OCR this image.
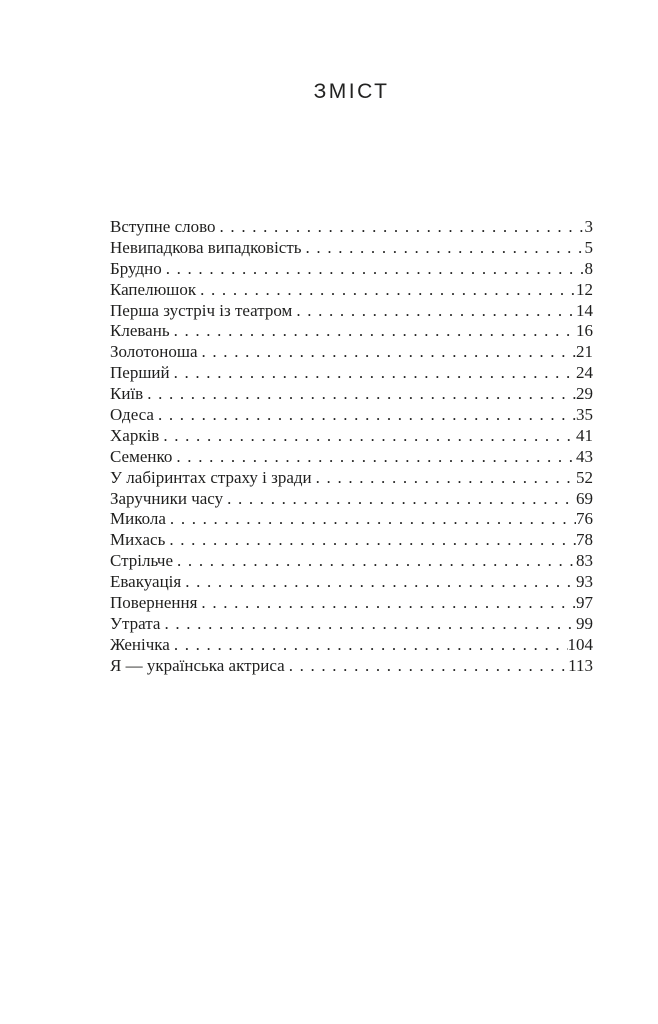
ЗМІСТ
Вступне слово . . .	3
Невипадкова випадковість . . .	5
Брудно . . .	8
Капелюшок . . .	12
Перша зустріч із театром . . .	14
Клевань . . .	16
Золотоноша . . .	21
Перший . . .	24
Київ . . .	29
Одеса . . .	35
Харків . . .	41
Семенко . . .	43
У лабіринтах страху і зради . . .	52
Заручники часу . . .	69
Микола . . .	76
Михась . . .	78
Стрільче . . .	83
Евакуація . . .	93
Повернення . . .	97
Утрата . . .	99
Женічка . . .	104
Я — українська актриса . . .	113
